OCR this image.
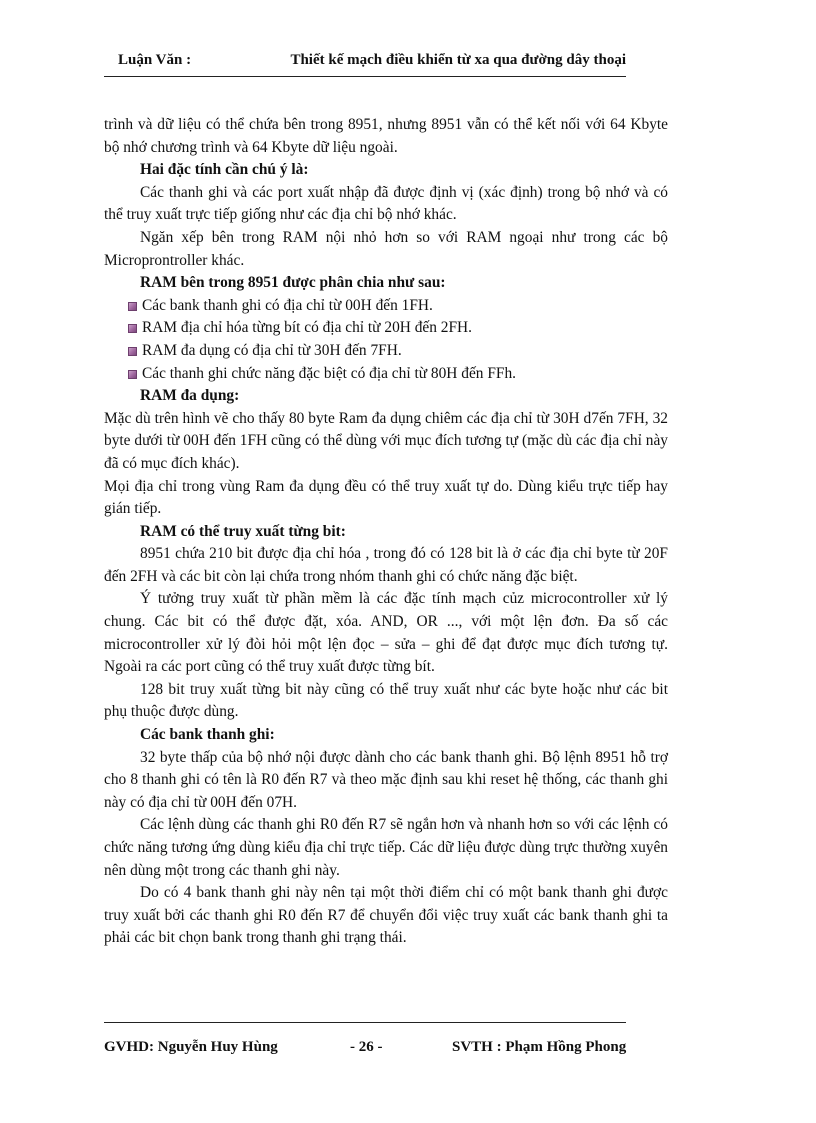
Luận Văn :	Thiết kế mạch điều khiển từ xa qua đường dây thoại

trình và dữ liệu có thể chứa bên trong 8951, nhưng 8951 vẫn có thể kết nối với 64 Kbyte bộ nhớ chương trình và 64 Kbyte dữ liệu ngoài.

Hai đặc tính cần chú ý là:

Các thanh ghi và các port xuất nhập đã được định vị (xác định) trong bộ nhớ và có thể truy xuất trực tiếp giống như các địa chỉ bộ nhớ khác.

Ngăn xếp bên trong RAM nội nhỏ hơn so với RAM ngoại như trong các bộ Microprontroller khác.

RAM bên trong 8951 được phân chia như sau:

Các bank thanh ghi có địa chỉ từ 00H đến 1FH.
RAM địa chỉ hóa từng bít có địa chỉ từ 20H đến 2FH.
RAM đa dụng có địa chỉ từ 30H đến 7FH.
Các thanh ghi chức năng đặc biệt có địa chỉ từ 80H đến FFh.

RAM đa dụng:

Mặc dù trên hình vẽ cho thấy 80 byte Ram đa dụng chiêm các địa chỉ từ 30H d7ến 7FH, 32 byte dưới từ 00H đến 1FH cũng có thể dùng với mục đích tương tự (mặc dù các địa chỉ này đã có mục đích khác).

Mọi địa chỉ trong vùng Ram đa dụng đều có thể truy xuất tự do. Dùng kiểu trực tiếp hay gián tiếp.

RAM có thể truy xuất từng bit:

8951 chứa 210 bit được địa chỉ hóa , trong đó có 128 bit là ở các địa chỉ byte từ 20F đến 2FH và các bit còn lại chứa trong nhóm thanh ghi có chức năng đặc biệt.

Ý tưởng truy xuất từ phần mềm là các đặc tính mạch củz microcontroller xử lý chung. Các bit có thể được đặt, xóa. AND, OR ..., với một lện đơn. Đa số các microcontroller xử lý đòi hỏi một lện đọc – sửa – ghi để đạt được mục đích tương tự. Ngoài ra các port cũng có thể truy xuất được từng bít.

128 bit truy xuất từng bit này cũng có thể truy xuất như các byte hoặc như các bit phụ thuộc được dùng.

Các bank thanh ghi:

32 byte thấp của bộ nhớ nội được dành cho các bank thanh ghi. Bộ lệnh 8951 hỗ trợ cho 8 thanh ghi có tên là R0 đến R7 và theo mặc định sau khi reset hệ thống, các thanh ghi này có địa chỉ từ 00H đến 07H.

Các lệnh dùng các thanh ghi R0 đến R7 sẽ ngắn hơn và nhanh hơn so với các lệnh có chức năng tương ứng dùng kiểu địa chỉ trực tiếp. Các dữ liệu được dùng trực thường xuyên nên dùng một trong các thanh ghi này.

Do có 4 bank thanh ghi này nên tại một thời điểm chỉ có một bank thanh ghi được truy xuất bởi các thanh ghi R0 đến R7 để chuyển đổi việc truy xuất các bank thanh ghi ta phải các bit chọn bank trong thanh ghi trạng thái.

GVHD: Nguyễn Huy Hùng	- 26 -	SVTH : Phạm Hồng Phong
